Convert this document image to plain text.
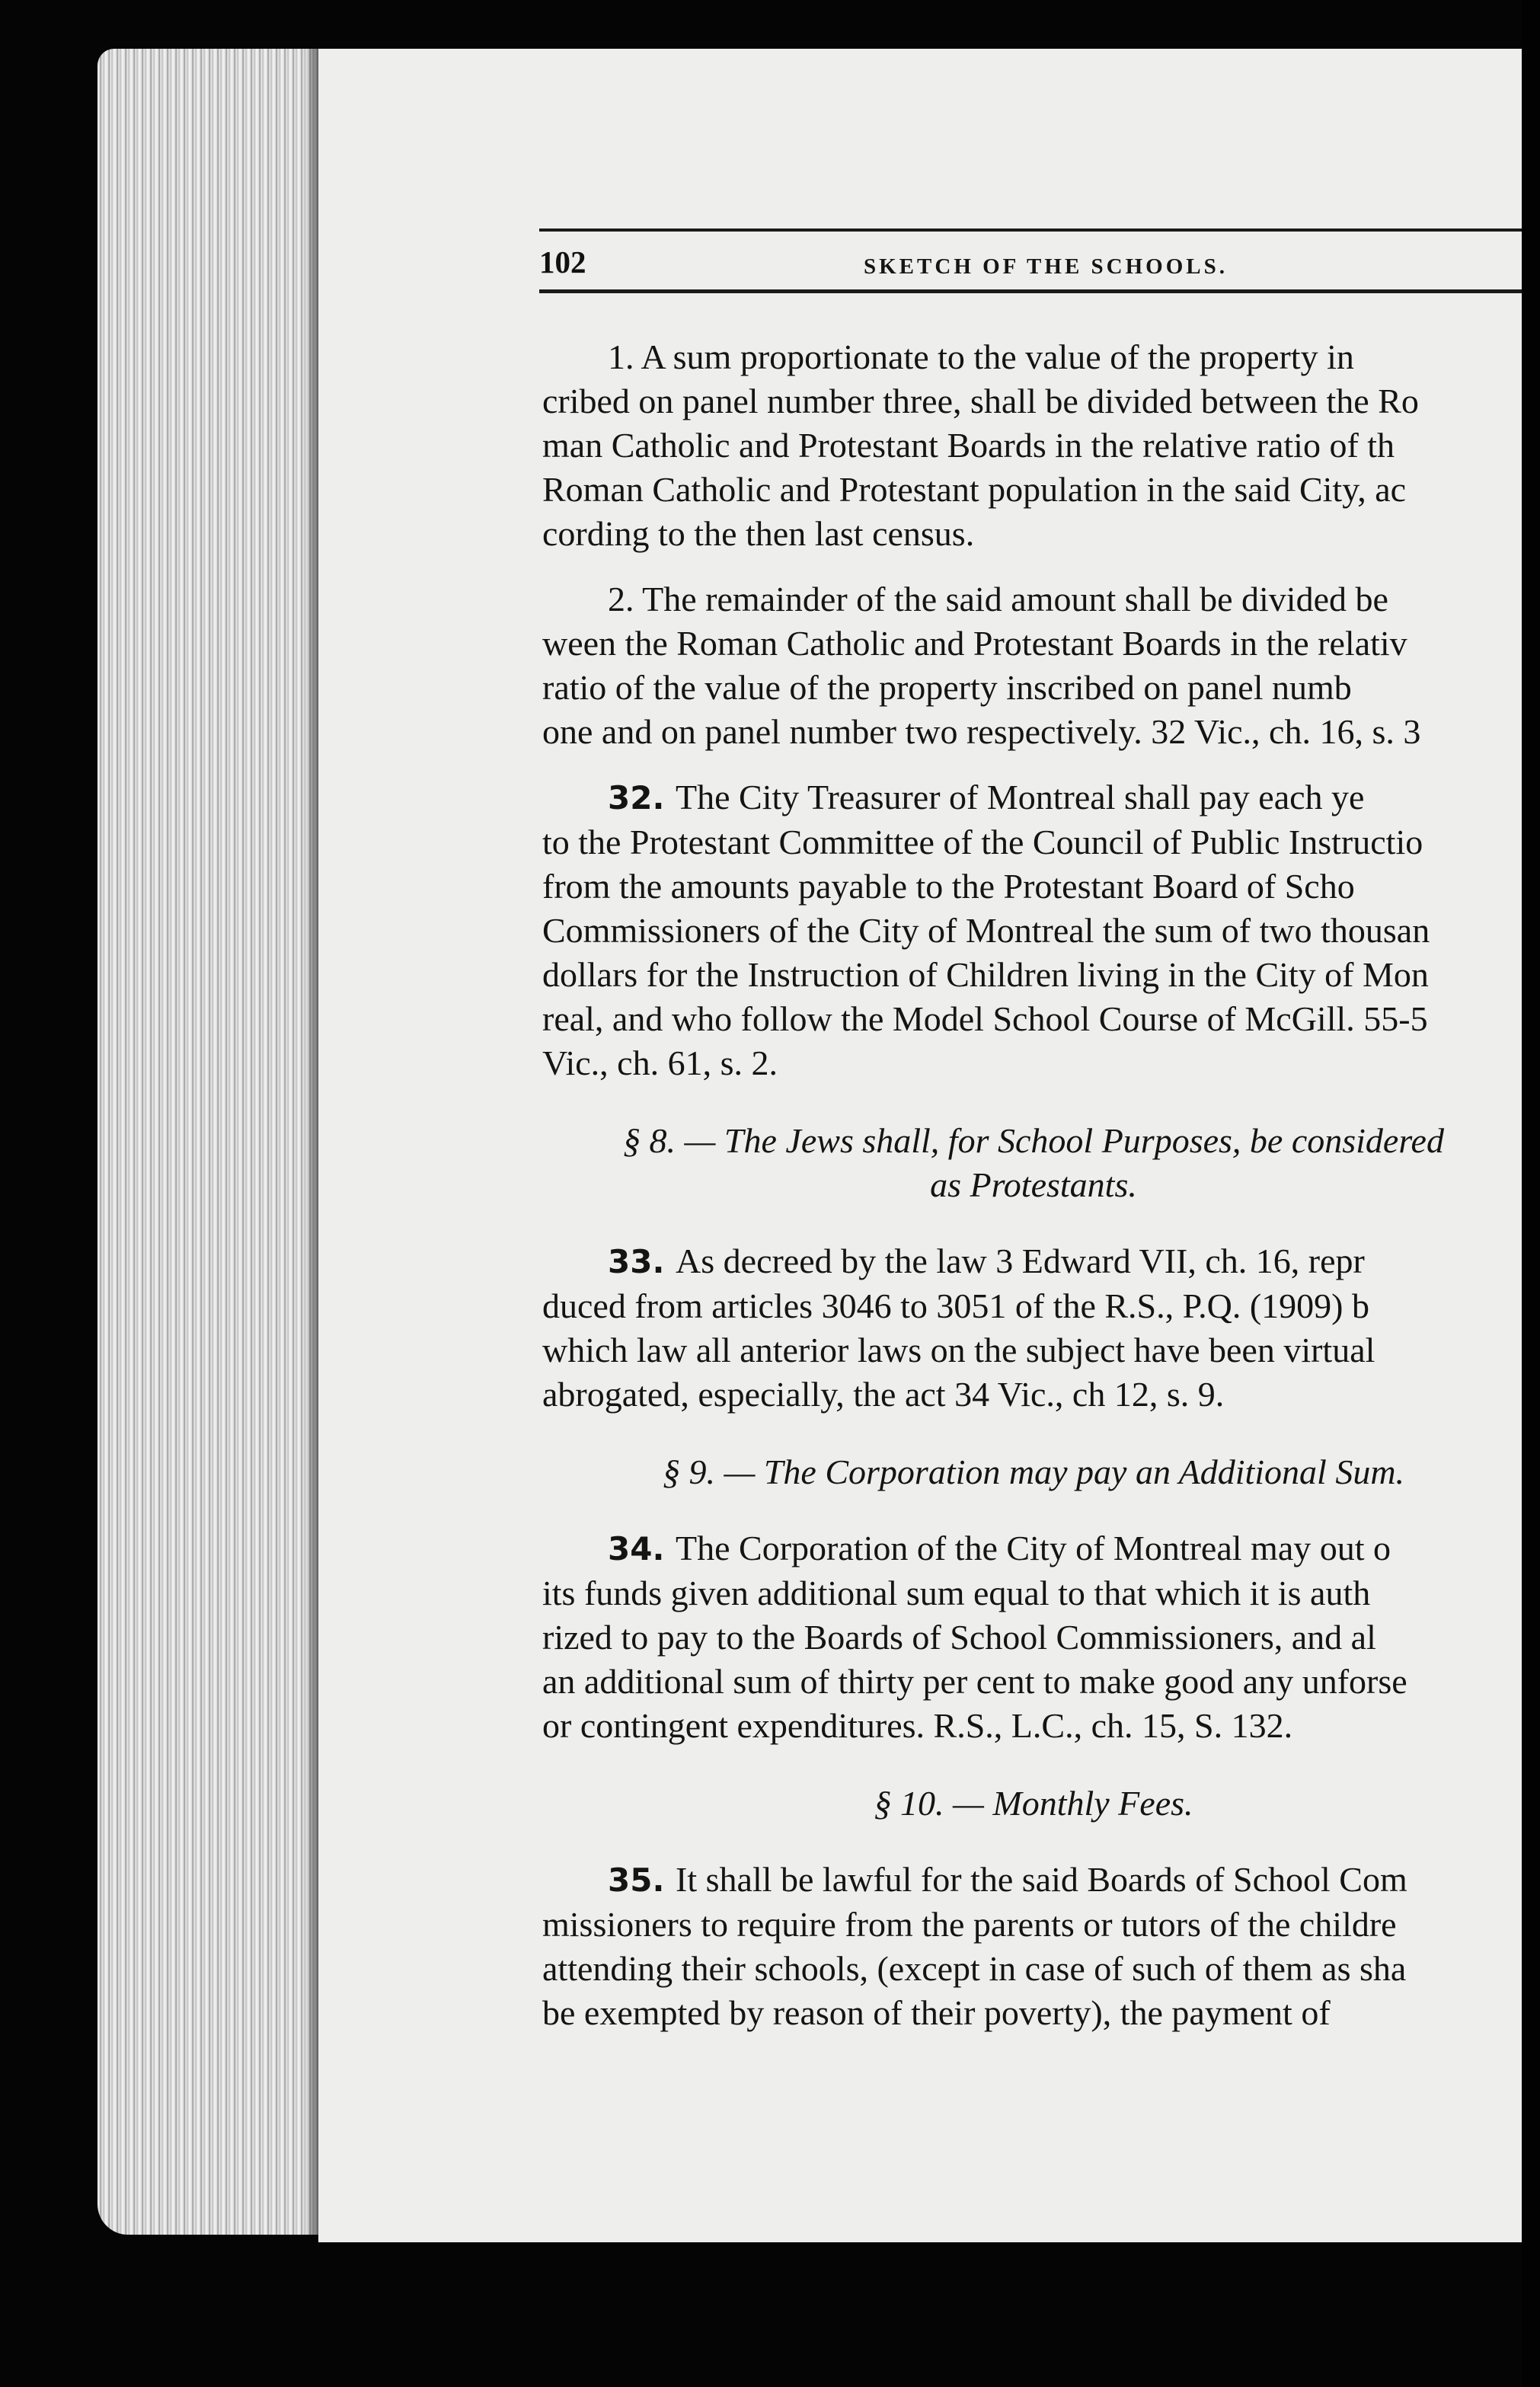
102	SKETCH OF THE SCHOOLS.
1. A sum proportionate to the value of the property in
cribed on panel number three, shall be divided between the Ro
man Catholic and Protestant Boards in the relative ratio of th
Roman Catholic and Protestant population in the said City, ac
cording to the then last census.
2. The remainder of the said amount shall be divided be
ween the Roman Catholic and Protestant Boards in the relativ
ratio of the value of the property inscribed on panel numb
one and on panel number two respectively. 32 Vic., ch. 16, s. 3
32. The City Treasurer of Montreal shall pay each ye
to the Protestant Committee of the Council of Public Instructio
from the amounts payable to the Protestant Board of Scho
Commissioners of the City of Montreal the sum of two thousan
dollars for the Instruction of Children living in the City of Mon
real, and who follow the Model School Course of McGill. 55-5
Vic., ch. 61, s. 2.
§ 8. — The Jews shall, for School Purposes, be considered
as Protestants.
33. As decreed by the law 3 Edward VII, ch. 16, repr
duced from articles 3046 to 3051 of the R.S., P.Q. (1909) b
which law all anterior laws on the subject have been virtual
abrogated, especially, the act 34 Vic., ch 12, s. 9.
§ 9. — The Corporation may pay an Additional Sum.
34. The Corporation of the City of Montreal may out o
its funds given additional sum equal to that which it is auth
rized to pay to the Boards of School Commissioners, and al
an additional sum of thirty per cent to make good any unforse
or contingent expenditures. R.S., L.C., ch. 15, S. 132.
§ 10. — Monthly Fees.
35. It shall be lawful for the said Boards of School Com
missioners to require from the parents or tutors of the childre
attending their schools, (except in case of such of them as sha
be exempted by reason of their poverty), the payment of
